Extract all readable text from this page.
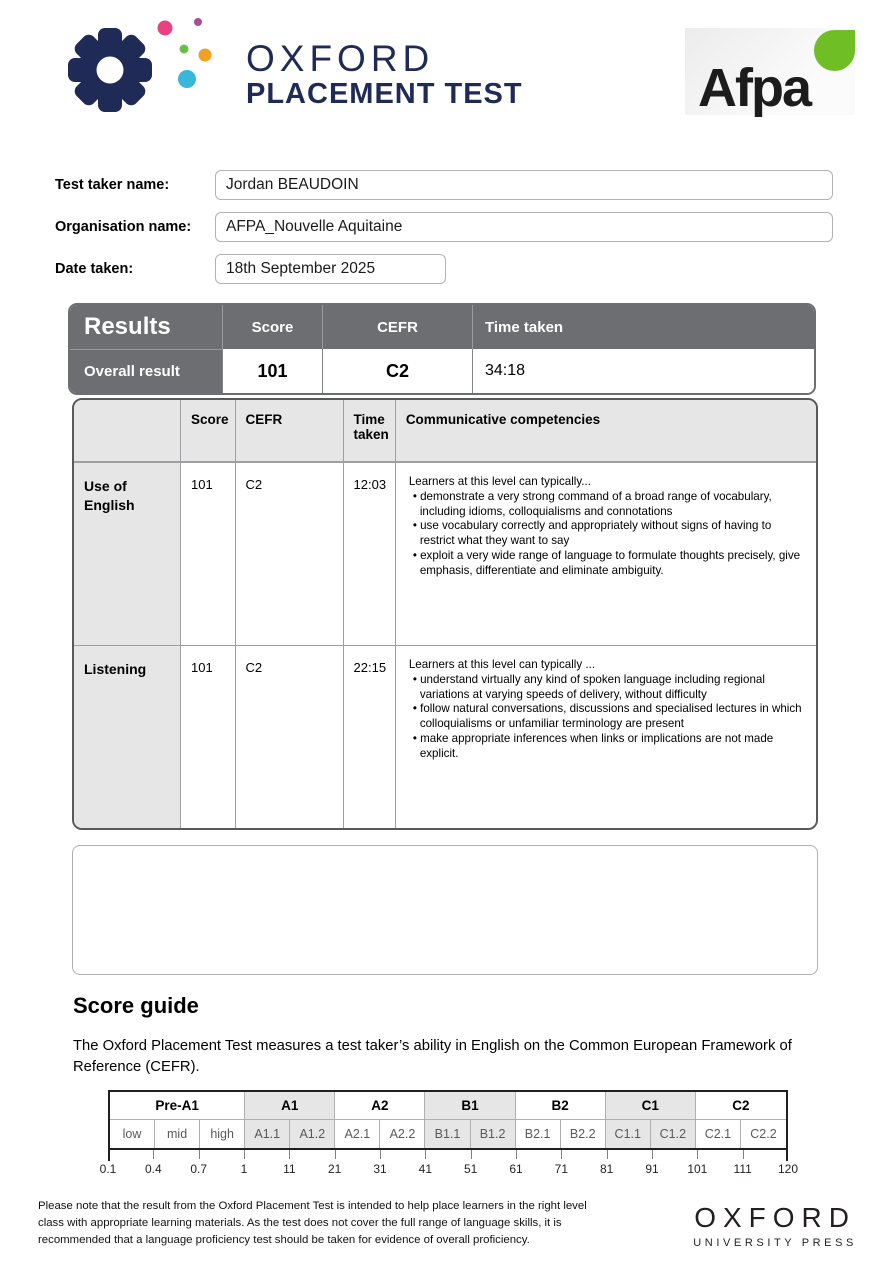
OXFORD
PLACEMENT TEST	Afpa
Test taker name:
Jordan BEAUDOIN
Organisation name:
AFPA_Nouvelle Aquitaine
Date taken:
18th September 2025
Results	Score	CEFR	Time taken
Overall result	101	C2	34:18
	Score	CEFR	Time taken	Communicative competencies
Use of English	101	C2	12:03	Learners at this level can typically...
• demonstrate a very strong command of a broad range of vocabulary, including idioms, colloquialisms and connotations
• use vocabulary correctly and appropriately without signs of having to restrict what they want to say
• exploit a very wide range of language to formulate thoughts precisely, give emphasis, differentiate and eliminate ambiguity.

Listening	101	C2	22:15	Learners at this level can typically ...
• understand virtually any kind of spoken language including regional variations at varying speeds of delivery, without difficulty
• follow natural conversations, discussions and specialised lectures in which colloquialisms or unfamiliar terminology are present
• make appropriate inferences when links or implications are not made explicit.
Score guide
The Oxford Placement Test measures a test taker’s ability in English on the Common European Framework of Reference (CEFR).
Pre-A1	A1	A2	B1	B2	C1	C2
low	mid	high	A1.1	A1.2	A2.1	A2.2	B1.1	B1.2	B2.1	B2.2	C1.1	C1.2	C2.1	C2.2
0.1 0.4 0.7	1	11	21	31	41	51	61	71	81	91 101 111 120
Please note that the result from the Oxford Placement Test is intended to help place learners in the right level class with appropriate learning materials. As the test does not cover the full range of language skills, it is recommended that a language proficiency test should be taken for evidence of overall proficiency.
OXFORD
UNIVERSITY PRESS
